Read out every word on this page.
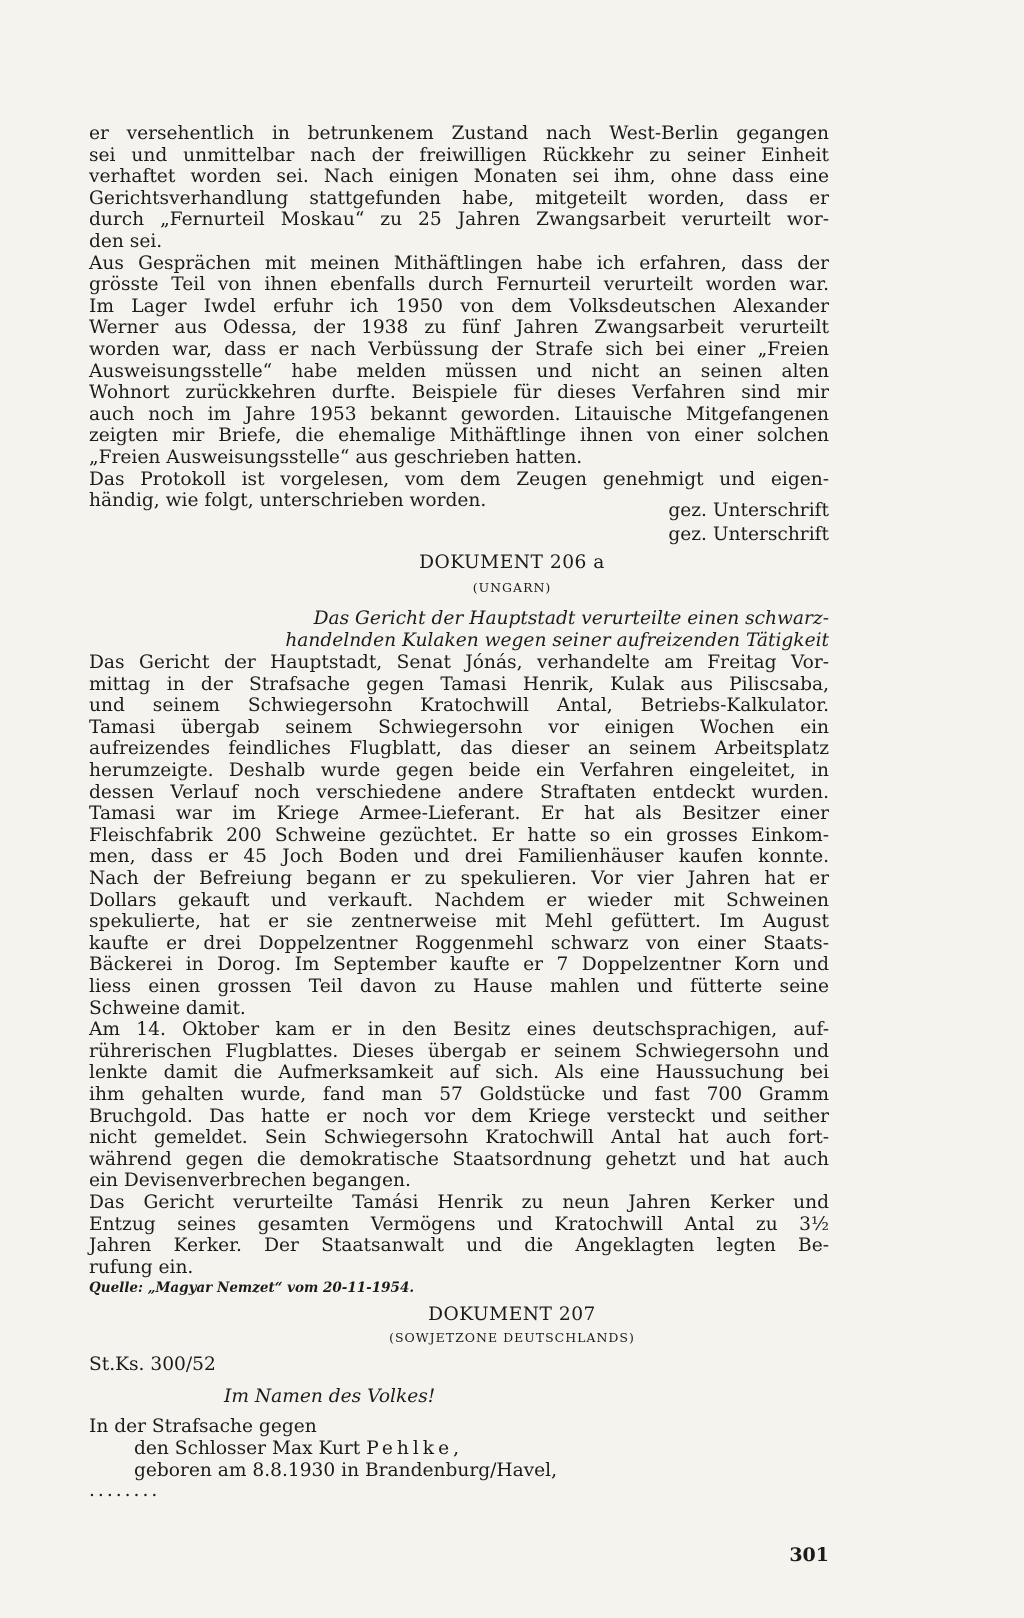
er versehentlich in betrunkenem Zustand nach West-Berlin gegangen
sei und unmittelbar nach der freiwilligen Rückkehr zu seiner Einheit
verhaftet worden sei. Nach einigen Monaten sei ihm, ohne dass eine
Gerichtsverhandlung stattgefunden habe, mitgeteilt worden, dass er
durch „Fernurteil Moskau“ zu 25 Jahren Zwangsarbeit verurteilt wor-
den sei.
Aus Gesprächen mit meinen Mithäftlingen habe ich erfahren, dass der
grösste Teil von ihnen ebenfalls durch Fernurteil verurteilt worden war.
Im Lager Iwdel erfuhr ich 1950 von dem Volksdeutschen Alexander
Werner aus Odessa, der 1938 zu fünf Jahren Zwangsarbeit verurteilt
worden war, dass er nach Verbüssung der Strafe sich bei einer „Freien
Ausweisungsstelle“ habe melden müssen und nicht an seinen alten
Wohnort zurückkehren durfte. Beispiele für dieses Verfahren sind mir
auch noch im Jahre 1953 bekannt geworden. Litauische Mitgefangenen
zeigten mir Briefe, die ehemalige Mithäftlinge ihnen von einer solchen
„Freien Ausweisungsstelle“ aus geschrieben hatten.
Das Protokoll ist vorgelesen, vom dem Zeugen genehmigt und eigen-
händig, wie folgt, unterschrieben worden.	gez. Unterschrift
gez. Unterschrift
DOKUMENT 206 a
(UNGARN)
Das Gericht der Hauptstadt verurteilte einen schwarz-
handelnden Kulaken wegen seiner aufreizenden Tätigkeit
Das Gericht der Hauptstadt, Senat Jónás, verhandelte am Freitag Vor-
mittag in der Strafsache gegen Tamasi Henrik, Kulak aus Piliscsaba,
und seinem Schwiegersohn Kratochwill Antal, Betriebs-Kalkulator.
Tamasi übergab seinem Schwiegersohn vor einigen Wochen ein
aufreizendes feindliches Flugblatt, das dieser an seinem Arbeitsplatz
herumzeigte. Deshalb wurde gegen beide ein Verfahren eingeleitet, in
dessen Verlauf noch verschiedene andere Straftaten entdeckt wurden.
Tamasi war im Kriege Armee-Lieferant. Er hat als Besitzer einer
Fleischfabrik 200 Schweine gezüchtet. Er hatte so ein grosses Einkom-
men, dass er 45 Joch Boden und drei Familienhäuser kaufen konnte.
Nach der Befreiung begann er zu spekulieren. Vor vier Jahren hat er
Dollars gekauft und verkauft. Nachdem er wieder mit Schweinen
spekulierte, hat er sie zentnerweise mit Mehl gefüttert. Im August
kaufte er drei Doppelzentner Roggenmehl schwarz von einer Staats-
Bäckerei in Dorog. Im September kaufte er 7 Doppelzentner Korn und
liess einen grossen Teil davon zu Hause mahlen und fütterte seine
Schweine damit.
Am 14. Oktober kam er in den Besitz eines deutschsprachigen, auf-
rührerischen Flugblattes. Dieses übergab er seinem Schwiegersohn und
lenkte damit die Aufmerksamkeit auf sich. Als eine Haussuchung bei
ihm gehalten wurde, fand man 57 Goldstücke und fast 700 Gramm
Bruchgold. Das hatte er noch vor dem Kriege versteckt und seither
nicht gemeldet. Sein Schwiegersohn Kratochwill Antal hat auch fort-
während gegen die demokratische Staatsordnung gehetzt und hat auch
ein Devisenverbrechen begangen.
Das Gericht verurteilte Tamási Henrik zu neun Jahren Kerker und
Entzug seines gesamten Vermögens und Kratochwill Antal zu 3½
Jahren Kerker. Der Staatsanwalt und die Angeklagten legten Be-
rufung ein.
Quelle: „Magyar Nemzet“ vom 20-11-1954.
DOKUMENT 207
(SOWJETZONE DEUTSCHLANDS)
St.Ks. 300/52
Im Namen des Volkes!
In der Strafsache gegen
den Schlosser Max Kurt Pehlke,
geboren am 8.8.1930 in Brandenburg/Havel,
........
301
